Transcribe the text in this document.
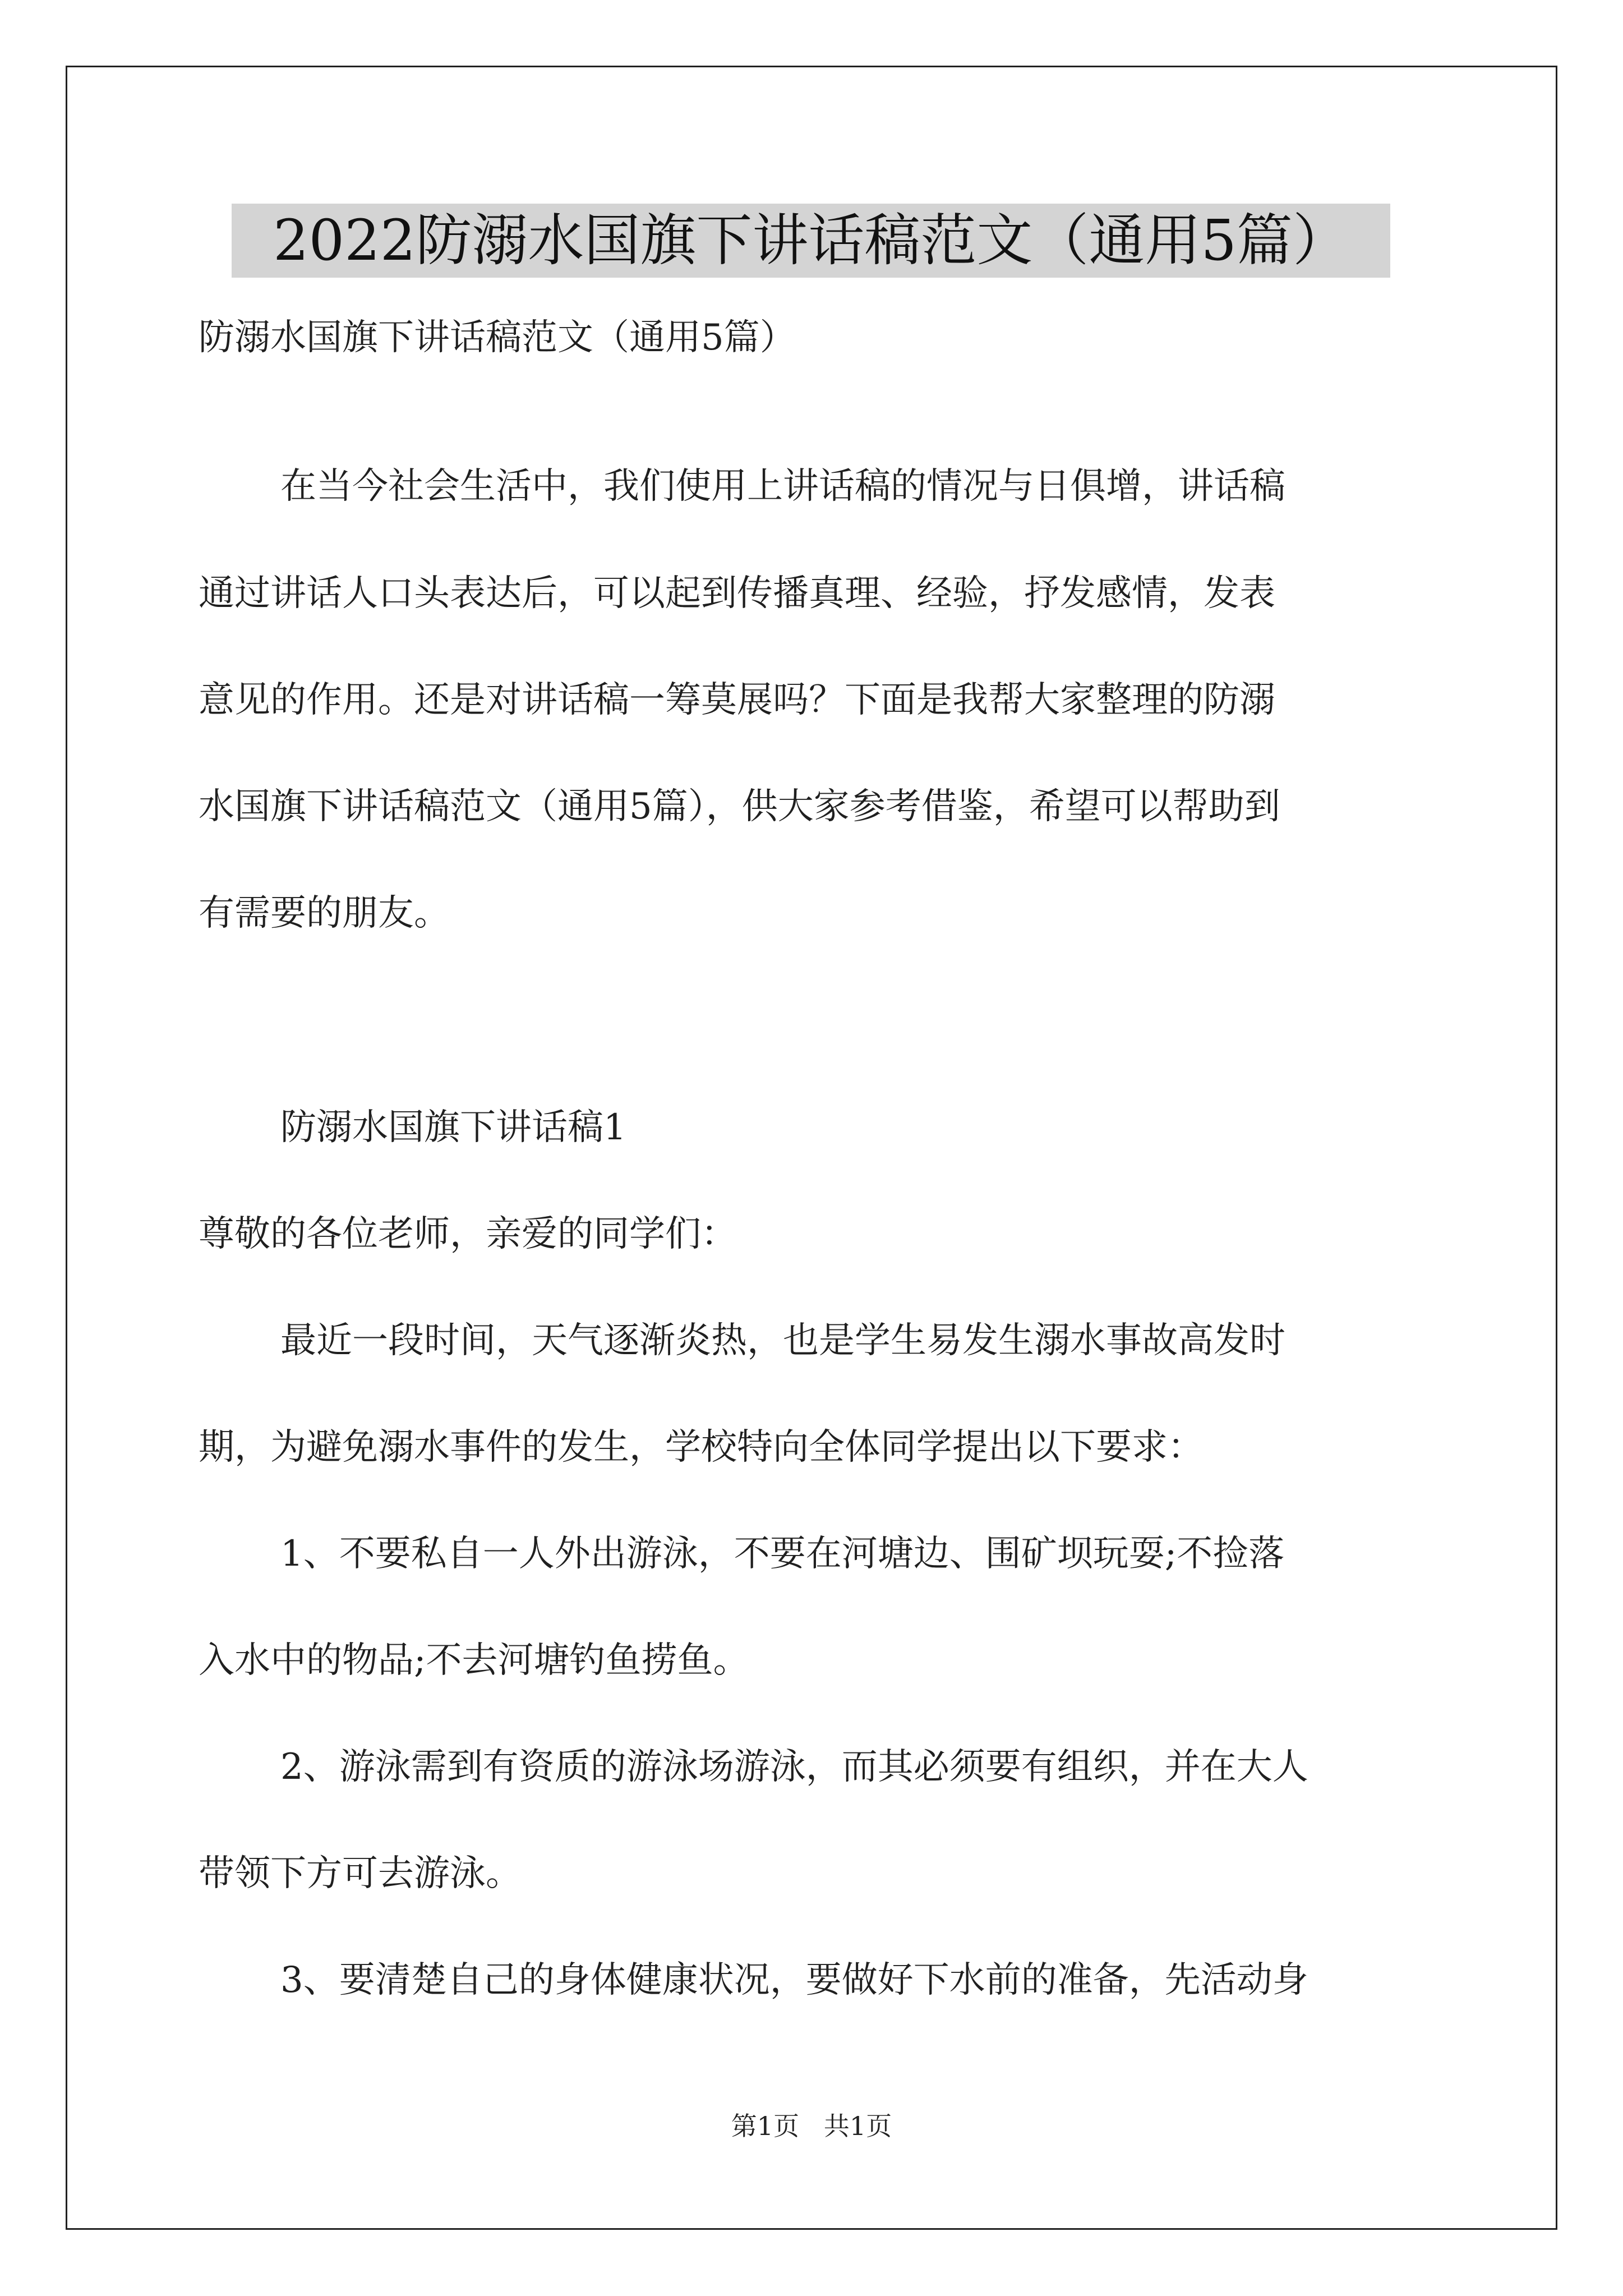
2022防溺水国旗下讲话稿范文（通用5篇）
防溺水国旗下讲话稿范文（通用5篇）
在当今社会生活中，我们使用上讲话稿的情况与日俱增，讲话稿
通过讲话人口头表达后，可以起到传播真理、经验，抒发感情，发表
意见的作用。还是对讲话稿一筹莫展吗？下面是我帮大家整理的防溺
水国旗下讲话稿范文（通用5篇），供大家参考借鉴，希望可以帮助到
有需要的朋友。
防溺水国旗下讲话稿1
尊敬的各位老师，亲爱的同学们：
最近一段时间，天气逐渐炎热，也是学生易发生溺水事故高发时
期，为避免溺水事件的发生，学校特向全体同学提出以下要求：
1、不要私自一人外出游泳，不要在河塘边、围矿坝玩耍;不捡落
入水中的物品;不去河塘钓鱼捞鱼。
2、游泳需到有资质的游泳场游泳，而其必须要有组织，并在大人
带领下方可去游泳。
3、要清楚自己的身体健康状况，要做好下水前的准备，先活动身
第1页   共1页
